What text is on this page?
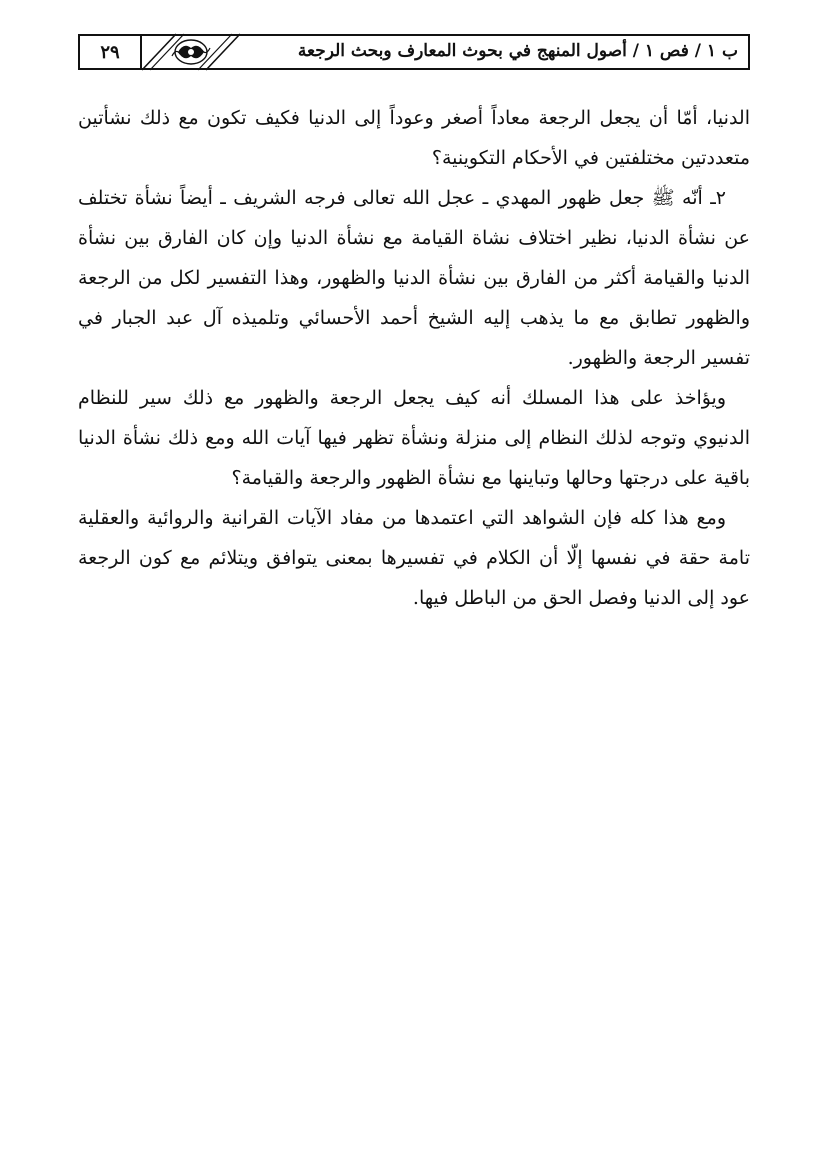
ب ١ / فص ١ / أصول المنهج في بحوث المعارف وبحث الرجعة
٢٩

الدنيا، أمّا أن يجعل الرجعة معاداً أصغر وعوداً إلى الدنيا فكيف تكون مع ذلك نشأتين متعددتين مختلفتين في الأحكام التكوينية؟

٢ـ أنّه ﷺ جعل ظهور المهدي ـ عجل الله تعالى فرجه الشريف ـ أيضاً نشأة تختلف عن نشأة الدنيا، نظير اختلاف نشاة القيامة مع نشأة الدنيا وإن كان الفارق بين نشأة الدنيا والقيامة أكثر من الفارق بين نشأة الدنيا والظهور، وهذا التفسير لكل من الرجعة والظهور تطابق مع ما يذهب إليه الشيخ أحمد الأحسائي وتلميذه آل عبد الجبار في تفسير الرجعة والظهور.

ويؤاخذ على هذا المسلك أنه كيف يجعل الرجعة والظهور مع ذلك سير للنظام الدنيوي وتوجه لذلك النظام إلى منزلة ونشأة تظهر فيها آيات الله ومع ذلك نشأة الدنيا باقية على درجتها وحالها وتباينها مع نشأة الظهور والرجعة والقيامة؟

ومع هذا كله فإن الشواهد التي اعتمدها من مفاد الآيات القرانية والروائية والعقلية تامة حقة في نفسها إلّا أن الكلام في تفسيرها بمعنى يتوافق ويتلائم مع كون الرجعة عود إلى الدنيا وفصل الحق من الباطل فيها.
